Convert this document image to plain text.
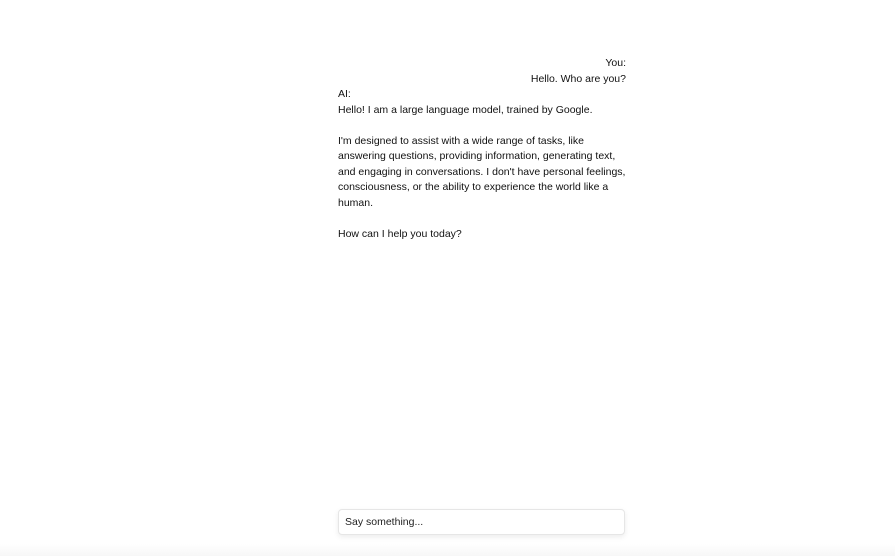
You:
Hello. Who are you?
AI:
Hello! I am a large language model, trained by Google.

I'm designed to assist with a wide range of tasks, like answering questions, providing information, generating text, and engaging in conversations. I don't have personal feelings, consciousness, or the ability to experience the world like a human.

How can I help you today?
Say something...
